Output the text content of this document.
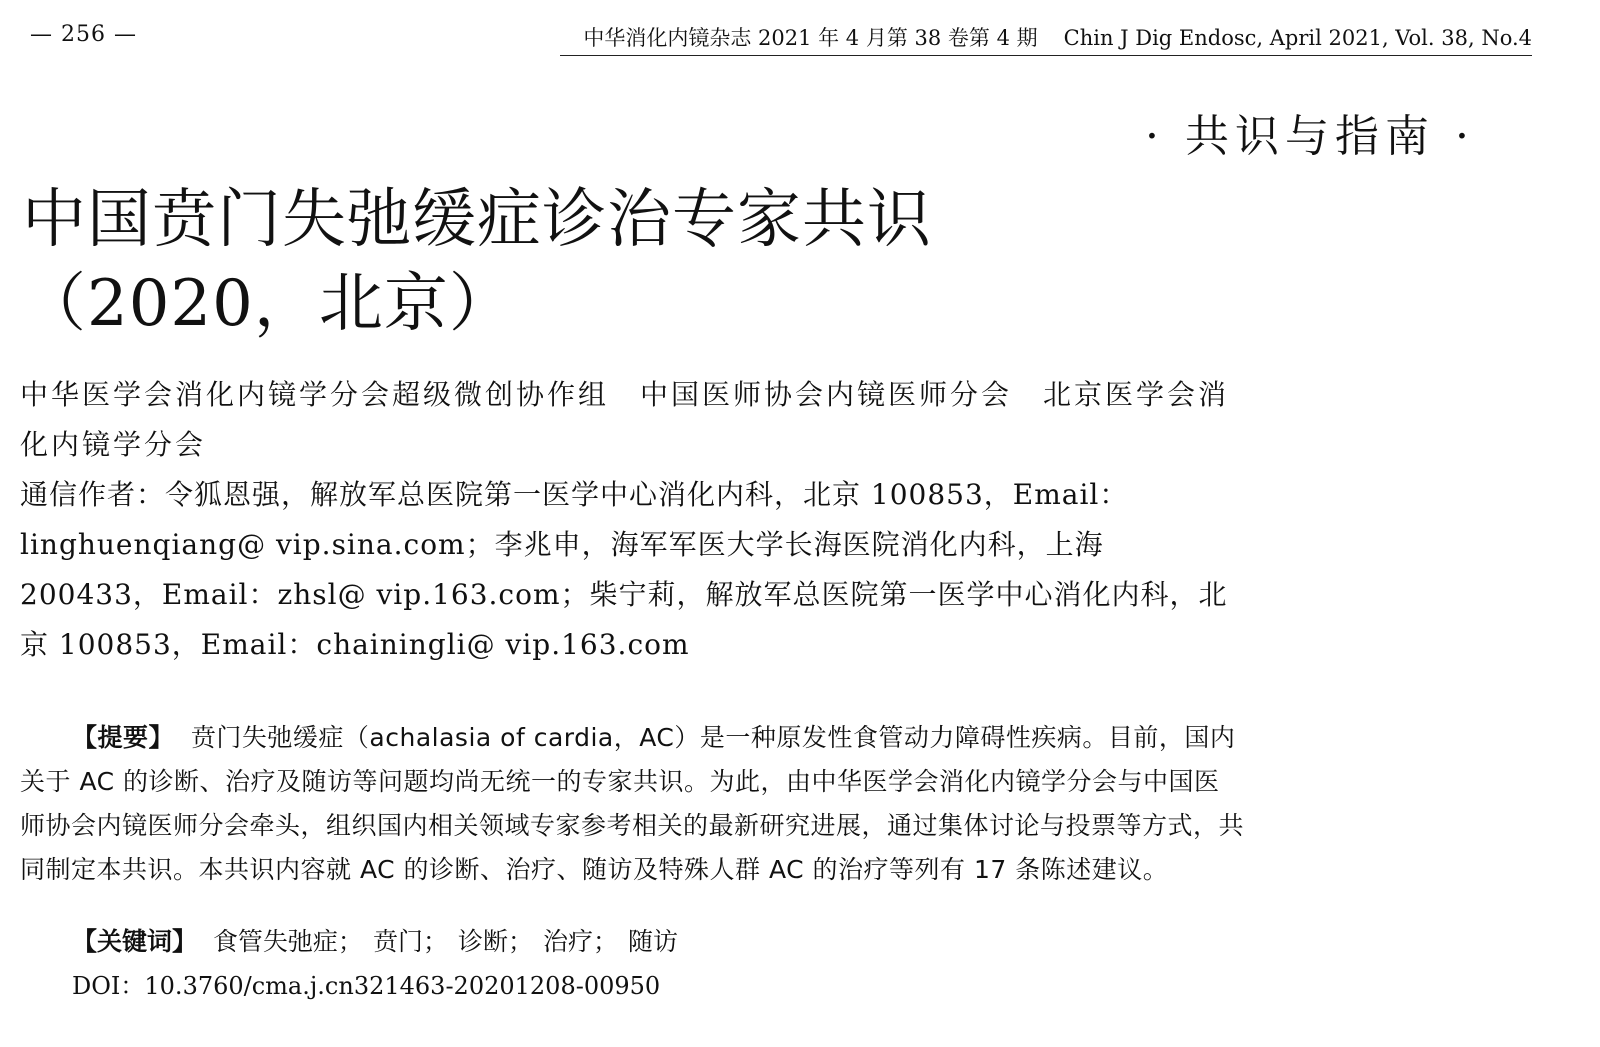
— 256 —	中华消化内镜杂志 2021 年 4 月第 38 卷第 4 期 Chin J Dig Endosc, April 2021, Vol. 38, No.4
· 共识与指南 ·
中国贲门失弛缓症诊治专家共识
（2020，北京）
中华医学会消化内镜学分会超级微创协作组　中国医师协会内镜医师分会　北京医学会消化内镜学分会
通信作者：令狐恩强，解放军总医院第一医学中心消化内科，北京 100853，Email：linghuenqiang@ vip.sina.com；李兆申，海军军医大学长海医院消化内科，上海 200433，Email：zhsl@ vip.163.com；柴宁莉，解放军总医院第一医学中心消化内科，北京 100853，Email：chainingli@ vip.163.com
【提要】 贲门失弛缓症（achalasia of cardia，AC）是一种原发性食管动力障碍性疾病。目前，国内关于 AC 的诊断、治疗及随访等问题均尚无统一的专家共识。为此，由中华医学会消化内镜学分会与中国医师协会内镜医师分会牵头，组织国内相关领域专家参考相关的最新研究进展，通过集体讨论与投票等方式，共同制定本共识。本共识内容就 AC 的诊断、治疗、随访及特殊人群 AC 的治疗等列有 17 条陈述建议。
【关键词】 食管失弛症； 贲门； 诊断； 治疗； 随访
DOI：10.3760/cma.j.cn321463-20201208-00950
